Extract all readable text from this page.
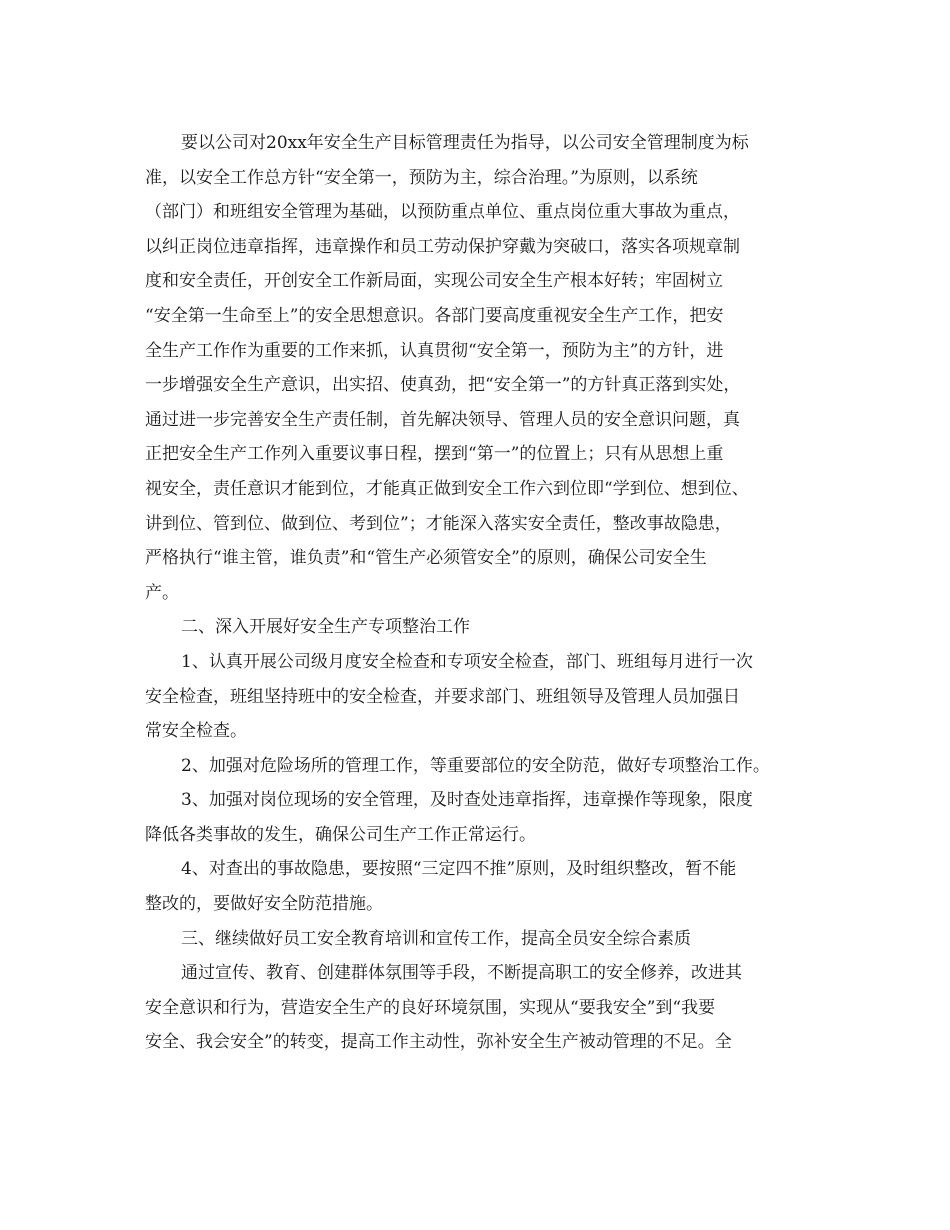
要以公司对20xx年安全生产目标管理责任为指导，以公司安全管理制度为标
准，以安全工作总方针“安全第一，预防为主，综合治理。”为原则，以系统
（部门）和班组安全管理为基础，以预防重点单位、重点岗位重大事故为重点，
以纠正岗位违章指挥，违章操作和员工劳动保护穿戴为突破口，落实各项规章制
度和安全责任，开创安全工作新局面，实现公司安全生产根本好转；牢固树立
“安全第一生命至上”的安全思想意识。各部门要高度重视安全生产工作，把安
全生产工作作为重要的工作来抓，认真贯彻“安全第一，预防为主”的方针，进
一步增强安全生产意识，出实招、使真劲，把“安全第一”的方针真正落到实处，
通过进一步完善安全生产责任制，首先解决领导、管理人员的安全意识问题，真
正把安全生产工作列入重要议事日程，摆到“第一”的位置上；只有从思想上重
视安全，责任意识才能到位，才能真正做到安全工作六到位即“学到位、想到位、
讲到位、管到位、做到位、考到位”；才能深入落实安全责任，整改事故隐患，
严格执行“谁主管，谁负责”和“管生产必须管安全”的原则，确保公司安全生
产。
二、深入开展好安全生产专项整治工作
1、认真开展公司级月度安全检查和专项安全检查，部门、班组每月进行一次
安全检查，班组坚持班中的安全检查，并要求部门、班组领导及管理人员加强日
常安全检查。
2、加强对危险场所的管理工作，等重要部位的安全防范，做好专项整治工作。
3、加强对岗位现场的安全管理，及时查处违章指挥，违章操作等现象，限度
降低各类事故的发生，确保公司生产工作正常运行。
4、对查出的事故隐患，要按照“三定四不推”原则，及时组织整改，暂不能
整改的，要做好安全防范措施。
三、继续做好员工安全教育培训和宣传工作，提高全员安全综合素质
通过宣传、教育、创建群体氛围等手段，不断提高职工的安全修养，改进其
安全意识和行为，营造安全生产的良好环境氛围，实现从“要我安全”到“我要
安全、我会安全”的转变，提高工作主动性，弥补安全生产被动管理的不足。全
